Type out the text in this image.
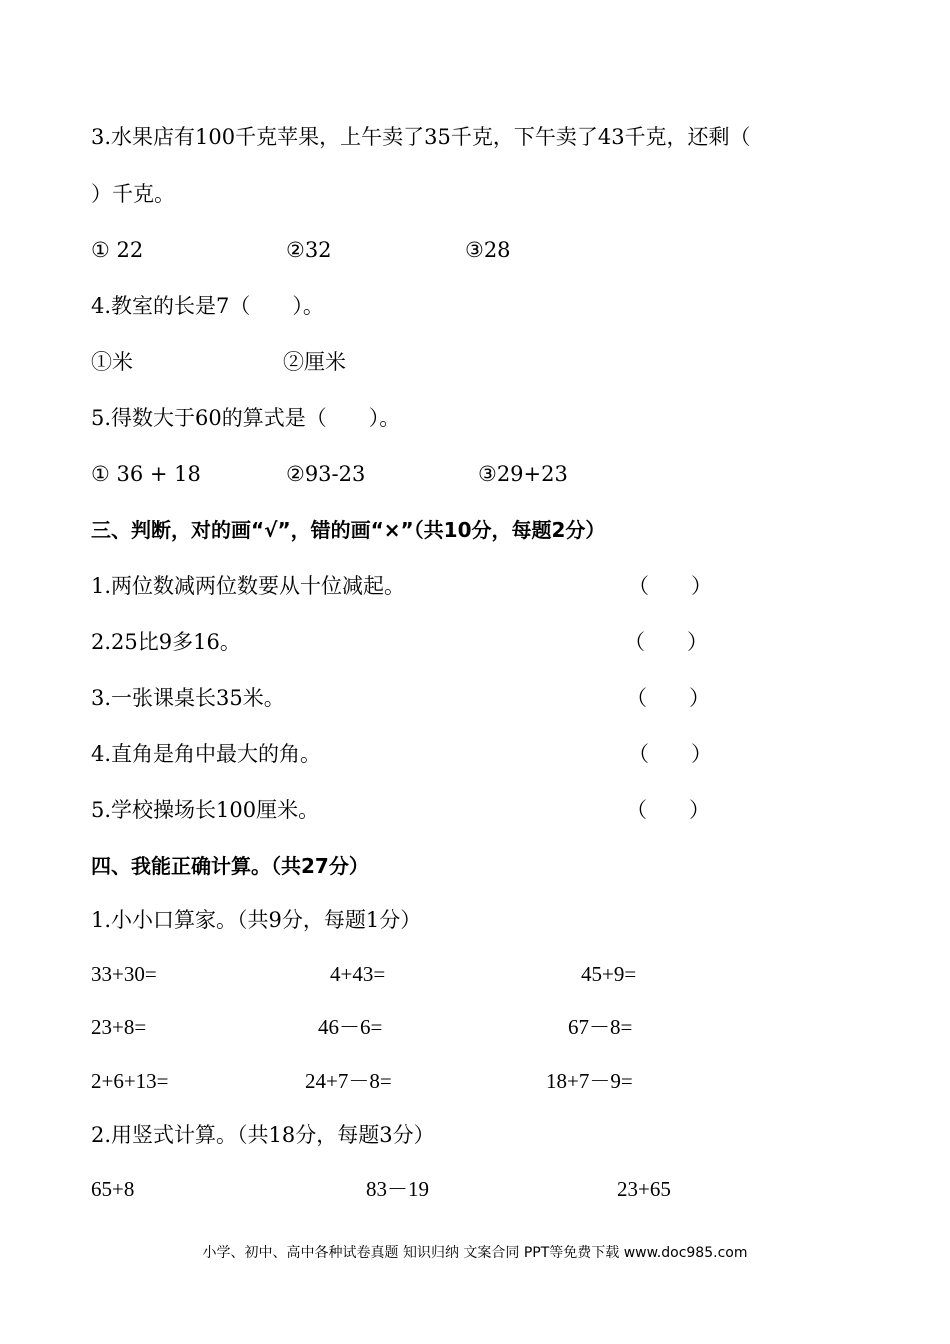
3.水果店有100千克苹果，上午卖了35千克，下午卖了43千克，还剩（
）千克。
① 22	②32	③28
4.教室的长是7（　　）。
①米	②厘米
5.得数大于60的算式是（　　）。
① 36 + 18	②93-23	③29+23
三、判断，对的画“√”，错的画“×”（共10分，每题2分）
1.两位数减两位数要从十位减起。	（　　）
2.25比9多16。	（　　）
3.一张课桌长35米。	（　　）
4.直角是角中最大的角。	（　　）
5.学校操场长100厘米。	（　　）
四、我能正确计算。（共27分）
1.小小口算家。（共9分，每题1分）
33+30=	4+43=	45+9=
23+8=	46－6=	67－8=
2+6+13=	24+7－8=	18+7－9=
2.用竖式计算。（共18分，每题3分）
65+8	83－19	23+65
小学、初中、高中各种试卷真题 知识归纳 文案合同 PPT等免费下载 www.doc985.com
